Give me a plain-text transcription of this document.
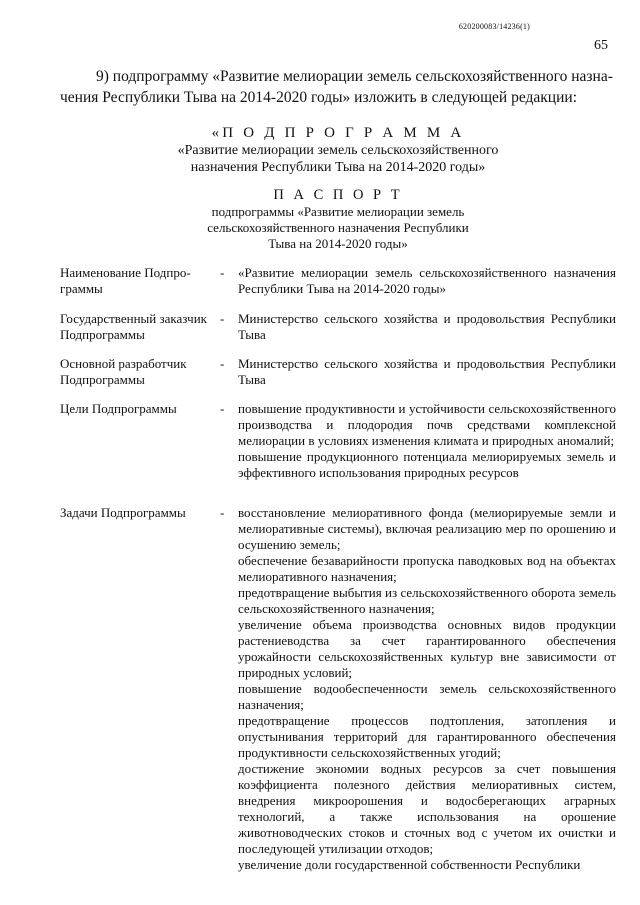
620200083/14236(1)
65
9) подпрограмму «Развитие мелиорации земель сельскохозяйственного назна-
чения Республики Тыва на 2014-2020 годы» изложить в следующей редакции:
«П О Д П Р О Г Р А М М А
«Развитие мелиорации земель сельскохозяйственного
назначения Республики Тыва на 2014-2020 годы»
П А С П О Р Т
подпрограммы «Развитие мелиорации земель
сельскохозяйственного назначения Республики
Тыва на 2014-2020 годы»
Наименование Подпро-
граммы
- «Развитие мелиорации земель сельскохозяйственного назначения Республики Тыва на 2014-2020 годы»

Государственный заказчик
Подпрограммы
- Министерство сельского хозяйства и продовольствия Республики Тыва

Основной разработчик
Подпрограммы
- Министерство сельского хозяйства и продовольствия Республики Тыва

Цели Подпрограммы	- повышение продуктивности и устойчивости сельскохозяйственного производства и плодородия почв средствами комплексной мелиорации в условиях изменения климата и природных аномалий;

повышение продукционного потенциала мелиорируемых земель и эффективного использования природных ресурсов

Задачи Подпрограммы	- восстановление мелиоративного фонда (мелиорируемые земли и мелиоративные системы), включая реализацию мер по орошению и осушению земель;

обеспечение безаварийности пропуска паводковых вод на объектах мелиоративного назначения;

предотвращение выбытия из сельскохозяйственного оборота земель сельскохозяйственного назначения;

увеличение объема производства основных видов продукции растениеводства за счет гарантированного обеспечения урожайности сельскохозяйственных культур вне зависимости от природных условий;

повышение водообеспеченности земель сельскохозяйственного назначения;

предотвращение процессов подтопления, затопления и опустынивания территорий для гарантированного обеспечения продуктивности сельскохозяйственных угодий;

достижение экономии водных ресурсов за счет повышения коэффициента полезного действия мелиоративных систем, внедрения микроорошения и водосберегающих аграрных технологий, а также использования на орошение животноводческих стоков и сточных вод с учетом их очистки и последующей утилизации отходов;

увеличение доли государственной собственности Республики
